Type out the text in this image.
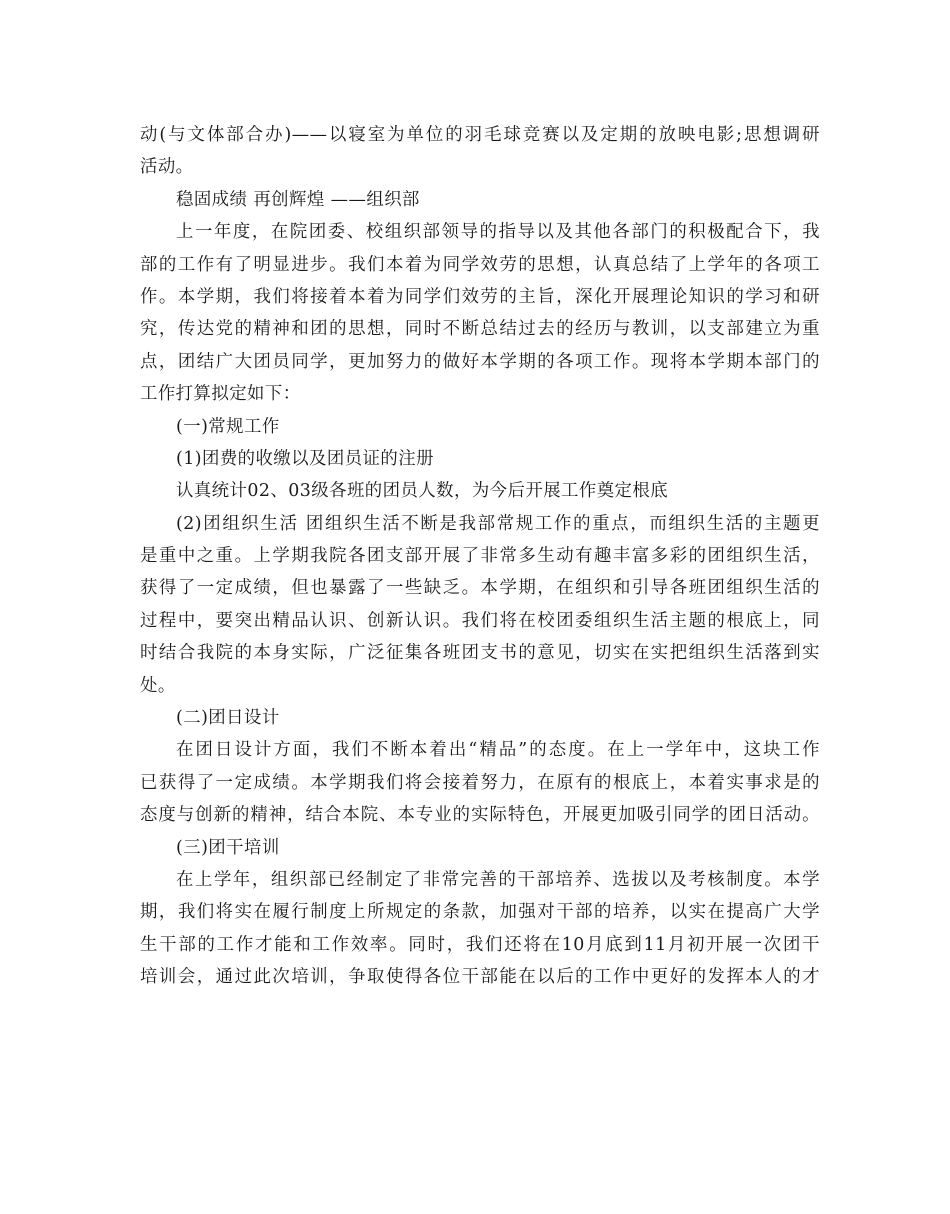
动(与文体部合办)——以寝室为单位的羽毛球竞赛以及定期的放映电影;思想调研
活动。
稳固成绩 再创辉煌 ——组织部
上一年度，在院团委、校组织部领导的指导以及其他各部门的积极配合下，我
部的工作有了明显进步。我们本着为同学效劳的思想，认真总结了上学年的各项工
作。本学期，我们将接着本着为同学们效劳的主旨，深化开展理论知识的学习和研
究，传达党的精神和团的思想，同时不断总结过去的经历与教训，以支部建立为重
点，团结广大团员同学，更加努力的做好本学期的各项工作。现将本学期本部门的
工作打算拟定如下：
(一)常规工作
(1)团费的收缴以及团员证的注册
认真统计02、03级各班的团员人数，为今后开展工作奠定根底
(2)团组织生活 团组织生活不断是我部常规工作的重点，而组织生活的主题更
是重中之重。上学期我院各团支部开展了非常多生动有趣丰富多彩的团组织生活，
获得了一定成绩，但也暴露了一些缺乏。本学期，在组织和引导各班团组织生活的
过程中，要突出精品认识、创新认识。我们将在校团委组织生活主题的根底上，同
时结合我院的本身实际，广泛征集各班团支书的意见，切实在实把组织生活落到实
处。
(二)团日设计
在团日设计方面，我们不断本着出“精品”的态度。在上一学年中，这块工作
已获得了一定成绩。本学期我们将会接着努力，在原有的根底上，本着实事求是的
态度与创新的精神，结合本院、本专业的实际特色，开展更加吸引同学的团日活动。
(三)团干培训
在上学年，组织部已经制定了非常完善的干部培养、选拔以及考核制度。本学
期，我们将实在履行制度上所规定的条款，加强对干部的培养，以实在提高广大学
生干部的工作才能和工作效率。同时，我们还将在10月底到11月初开展一次团干
培训会，通过此次培训，争取使得各位干部能在以后的工作中更好的发挥本人的才
